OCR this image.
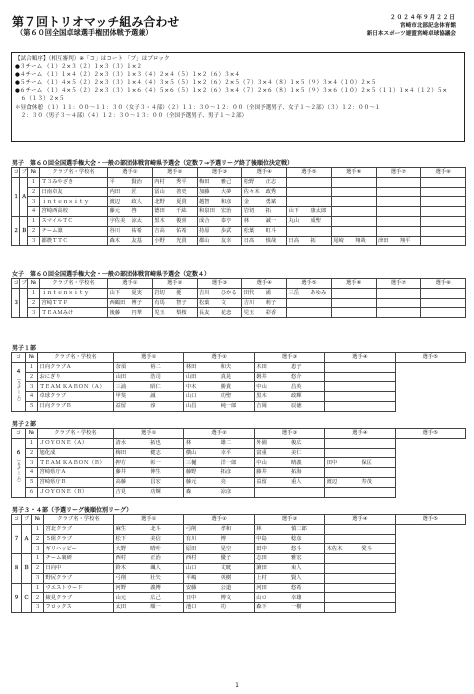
第７回トリオマッチ組み合わせ
（第６０回全国卓球選手権団体戦予選兼）
２０２４年９月２２日
宮崎市北部記念体育館
新日本スポーツ連盟宮崎卓球協議会
【試合順序】（相互審判）※「コ」はコート 「ブ」はブロック
●３チーム （１）２×３（２）１×３（３）１×２
●４チーム （１）１×４（２）２×３（３）１×３（４）２×４（５）１×２（６）３×４
●５チーム （１）４×５（２）２×３（３）１×４（４）３×５（５）１×２（６）２×５（７）３×４（８）１×５（９）３×４（１０）２×５
●６チーム （１）４×５（２）２×３（３）１×６（４）５×６（５）１×２（６）３×４（７）２×６（８）１×５（９）３×６（１０）２×５（１１）１×４（１２）５×
　６（１３）２×５
＊昼食休憩 （１）１１：００〜１１：３０（女子３・４部）（２）１１：３０〜１２：００（全国予選男子、女子１〜２部）（３）１２：００〜１
　２：３０（男子３〜４部）（４）１２：３０〜１３：００（全国予選男子、男子１〜２部）
男子　第６０回全国選手権大会・一般の部団体戦宮崎県予選会（定数７→予選リーグ終了後順位決定戦）
コ	ブ	№	クラブ名・学校名	選手①		選手②		選手③		選手④		選手⑤		選手⑥		選手⑦		選手⑧	
１	Ａ	１	Ｔ３みやざき	平	賢治	内村	秀平	梅田	雅己	松野	正志								
		２	日南卓友	内田	匠	冨山	善史	加藤	大夢	佐々木	政秀								
		３	ｉｎｔｅｎｓｉｔｙ	渡辺	政人	北野	夏貴	越智	和彦	金	勇斌								
		４	宮崎西高校	藤元	啓	德田	千紘	和泉田	宏治	岩切	拓	山下	康太郎						
２	Ｂ	１	スマイルＴＣ	宇佐美	涼太	黒木	俊喜	成合	泰亨	林	誠一	丸山	成聖						
		２	チーム凛	谷川	祐希	吉高	佑希	持原	歩武	松葉	虹斗								
		３	都農ＴＴＣ	森木	友基	小野	光貴	都山	友幸	日髙	慎哉	日高	拓	尾崎	翔哉	津田	翔平		
女子　第６０回全国選手権大会・一般の部団体戦宮崎県予選会（定数４）
コ	ブ	№	クラブ名・学校名	選手①		選手②		選手③		選手④		選手⑤		選手⑥		選手⑦		選手⑧	
３		１	ｉｎｔｅｎｓｉｔｙ	山下	夏実	岩切	憂	吉川	ひかる	田代	満	三岳	あゆみ						
		２	宮崎ＴＴＦ	西鶴田	博子	有馬	智子	松葉	文	吉川	莉子								
		３	ＴＥＡＭみけ	後藤	円華	児玉	梨桜	長友	花恋	児玉	彩香								
男子１部
コ	№	クラブ名・学校名	選手①		選手②		選手③		選手④		選手⑤

４
（５チーム）	１	日向クラブＡ	奈須	裕二	林田	和夫	木田	恵子			
	２	おにぎり	山田	浩司	山田	真晃	磐井	悠介			
	３	ＴＥＡＭ ＫＡＢＯＮ（Ａ）	三浦	昭仁	中木	勝貴	中山	昌英			
	４	卓球クラブ	甲斐	誠	山口	功聖	黒木	政輝			
	５	日向クラブＢ	益留	淳	山昌	純一郎	吉岡	辰徳			
男子２部
コ	№	クラブ名・学校名	選手①		選手②		選手③		選手④		選手⑤

６
（６チーム）	１	ＪＯＹＯＮＥ（Ａ）	清水	拓也	林	雄二	外園	俊広			
	２	旭化成	梅田	健志	横山	幸平	富重	美仁			
	３	ＴＥＡＭ ＫＡＢＯＮ（Ｂ）	押方	彰一	三樋	洋一郎	中山	晴義	田中	保匡	
	４	宮崎県庁Ａ	藤井	伸生	藤野	拓彦	藤井	拓海			
	５	宮崎県庁Ｂ	高藤	昌宏	藤元	亮	益留	重人	渡辺	寿茂	
	６	ＪＯＹＯＮＥ（Ｂ）	吉見	功輝	森	凉彦					
男子３・４部（予選リーグ後順位別リーグ）
コ	ブ	№	クラブ名・学校名	選手①		選手②		選手③		選手④		選手⑤
７	Ａ	１	宮北クラブ	麻生	北斗	弓削	孝和	林	慎二郎			
		２	５組クラブ	松下	美信	有川	博	中島	稔彦			
		３	ギリハッピー	大野	晴叶	原田	晃空	田中	悠斗	木佐木	愛斗	
８	Ｂ	１	チーム裏研	西村	正治	西村	優子	志田	雅宏			
		２	日向中	鈴木	颯人	山口	丈晄	濵田	束人			
		３	野尻クラブ	弓削	壮矢	平嶋	英樹	上村	賢人			
９	Ｃ	１	ウエストウード	河野	義博	安藤	公道	河田	悠希			
		２	綾見クラブ	山元	広己	日中	博文	山ロ	幸雄			
		３	フロックス	太田	順一	池口	功	森下	一樹			
1
